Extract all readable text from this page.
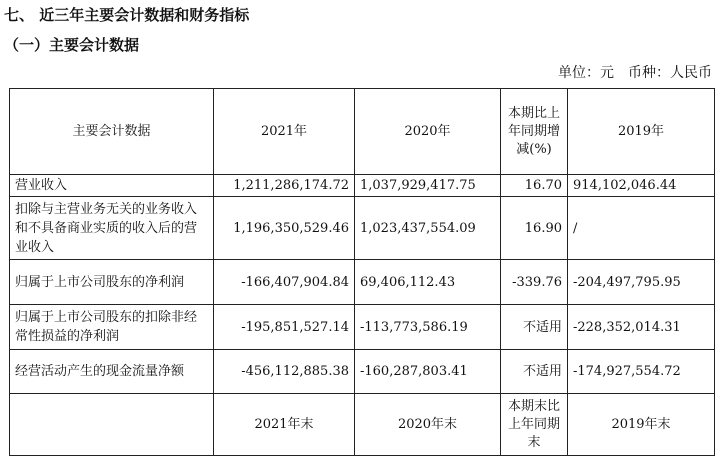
七、 近三年主要会计数据和财务指标
（一）主要会计数据
单位：元　币种：人民币
主要会计数据	2021年	2020年	本期比上年同期增减(%)	2019年
营业收入	1,211,286,174.72	1,037,929,417.75	16.70	914,102,046.44
扣除与主营业务无关的业务收入和不具备商业实质的收入后的营业收入	1,196,350,529.46	1,023,437,554.09	16.90	/
归属于上市公司股东的净利润	-166,407,904.84	69,406,112.43	-339.76	-204,497,795.95
归属于上市公司股东的扣除非经常性损益的净利润	-195,851,527.14	-113,773,586.19	不适用	-228,352,014.31
经营活动产生的现金流量净额	-456,112,885.38	-160,287,803.41	不适用	-174,927,554.72
	2021年末	2020年末	本期末比上年同期末	2019年末
